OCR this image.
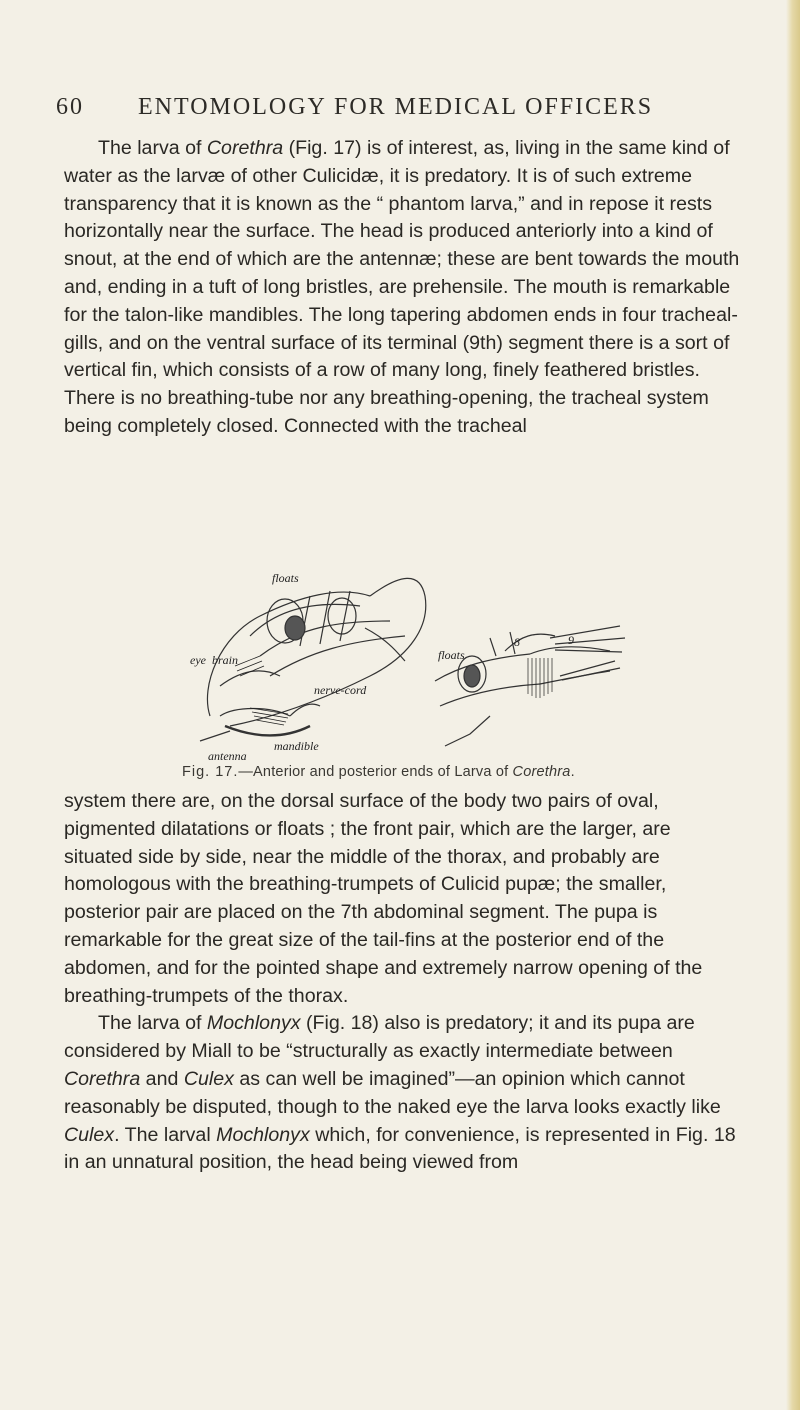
60 ENTOMOLOGY FOR MEDICAL OFFICERS

The larva of Corethra (Fig. 17) is of interest, as, living in the same kind of water as the larvæ of other Culicidæ, it is predatory. It is of such extreme transparency that it is known as the “ phantom larva,” and in repose it rests horizontally near the surface. The head is produced anteriorly into a kind of snout, at the end of which are the antennæ; these are bent towards the mouth and, ending in a tuft of long bristles, are prehensile. The mouth is remarkable for the talon-like mandibles. The long tapering abdomen ends in four tracheal-gills, and on the ventral surface of its terminal (9th) segment there is a sort of vertical fin, which consists of a row of many long, finely feathered bristles. There is no breathing-tube nor any breathing-opening, the tracheal system being completely closed. Connected with the tracheal

floats
eye brain
nerve-cord
mandible
antenna
floats
8	9
Fig. 17.—Anterior and posterior ends of Larva of Corethra.

system there are, on the dorsal surface of the body two pairs of oval, pigmented dilatations or floats ; the front pair, which are the larger, are situated side by side, near the middle of the thorax, and probably are homologous with the breathing-trumpets of Culicid pupæ; the smaller, posterior pair are placed on the 7th abdominal segment. The pupa is remarkable for the great size of the tail-fins at the posterior end of the abdomen, and for the pointed shape and extremely narrow opening of the breathing-trumpets of the thorax.

The larva of Mochlonyx (Fig. 18) also is predatory; it and its pupa are considered by Miall to be “structurally as exactly intermediate between Corethra and Culex as can well be imagined”—an opinion which cannot reasonably be disputed, though to the naked eye the larva looks exactly like Culex. The larval Mochlonyx which, for convenience, is represented in Fig. 18 in an unnatural position, the head being viewed from
